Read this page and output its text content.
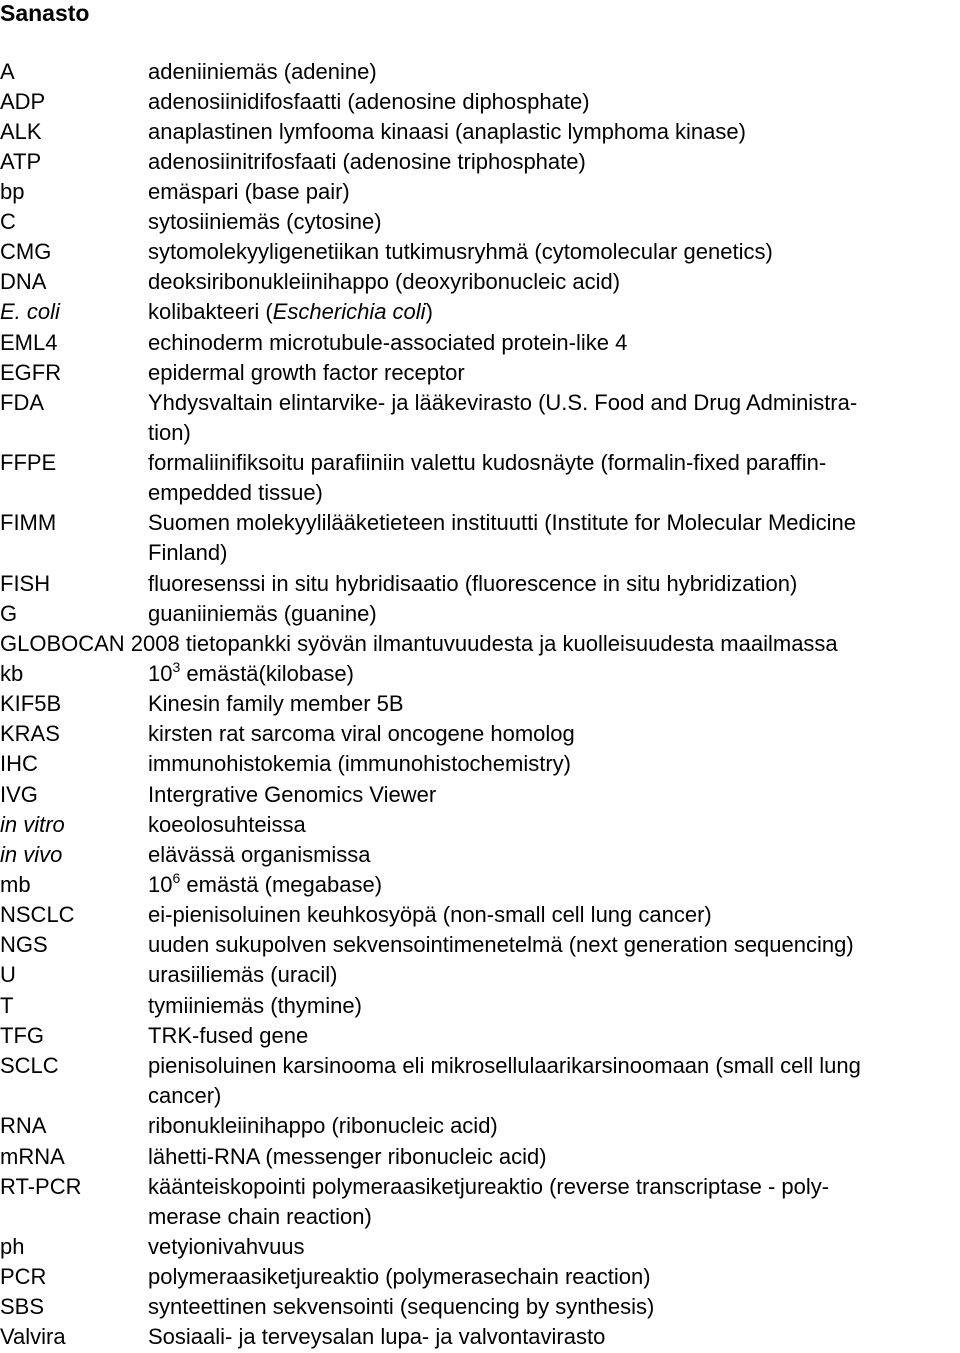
Sanasto
A	adeniiniemäs (adenine)
ADP	adenosiinidifosfaatti (adenosine diphosphate)
ALK	anaplastinen lymfooma kinaasi (anaplastic lymphoma kinase)
ATP	adenosiinitrifosfaati (adenosine triphosphate)
bp	emäspari (base pair)
C	sytosiiniemäs (cytosine)
CMG	sytomolekyyligenetiikan tutkimusryhmä (cytomolecular genetics)
DNA	deoksiribonukleiinihappo (deoxyribonucleic acid)
E. coli	kolibakteeri (Escherichia coli)
EML4	echinoderm microtubule-associated protein-like 4
EGFR	epidermal growth factor receptor
FDA	Yhdysvaltain elintarvike- ja lääkevirasto (U.S. Food and Drug Administra-
tion)
FFPE	formaliinifiksoitu parafiiniin valettu kudosnäyte (formalin-fixed paraffin-
empedded tissue)
FIMM	Suomen molekyylilääketieteen instituutti (Institute for Molecular Medicine
Finland)
FISH	fluoresenssi in situ hybridisaatio (fluorescence in situ hybridization)
G	guaniiniemäs (guanine)
GLOBOCAN 2008 tietopankki syövän ilmantuvuudesta ja kuolleisuudesta maailmassa
kb	$10^3$ emästä(kilobase)
KIF5B	Kinesin family member 5B
KRAS	kirsten rat sarcoma viral oncogene homolog
IHC	immunohistokemia (immunohistochemistry)
IVG	Intergrative Genomics Viewer
in vitro	koeolosuhteissa
in vivo	elävässä organismissa
mb	$10^6$ emästä (megabase)
NSCLC	ei-pienisoluinen keuhkosyöpä (non-small cell lung cancer)
NGS	uuden sukupolven sekvensointimenetelmä (next generation sequencing)
U	urasiiliemäs (uracil)
T	tymiiniemäs (thymine)
TFG	TRK-fused gene
SCLC	pienisoluinen karsinooma eli mikrosellulaarikarsinoomaan (small cell lung
cancer)
RNA	ribonukleiinihappo (ribonucleic acid)
mRNA	lähetti-RNA (messenger ribonucleic acid)
RT-PCR	käänteiskopointi polymeraasiketjureaktio (reverse transcriptase - poly-
merase chain reaction)
ph	vetyionivahvuus
PCR	polymeraasiketjureaktio (polymerasechain reaction)
SBS	synteettinen sekvensointi (sequencing by synthesis)
Valvira	Sosiaali- ja terveysalan lupa- ja valvontavirasto
